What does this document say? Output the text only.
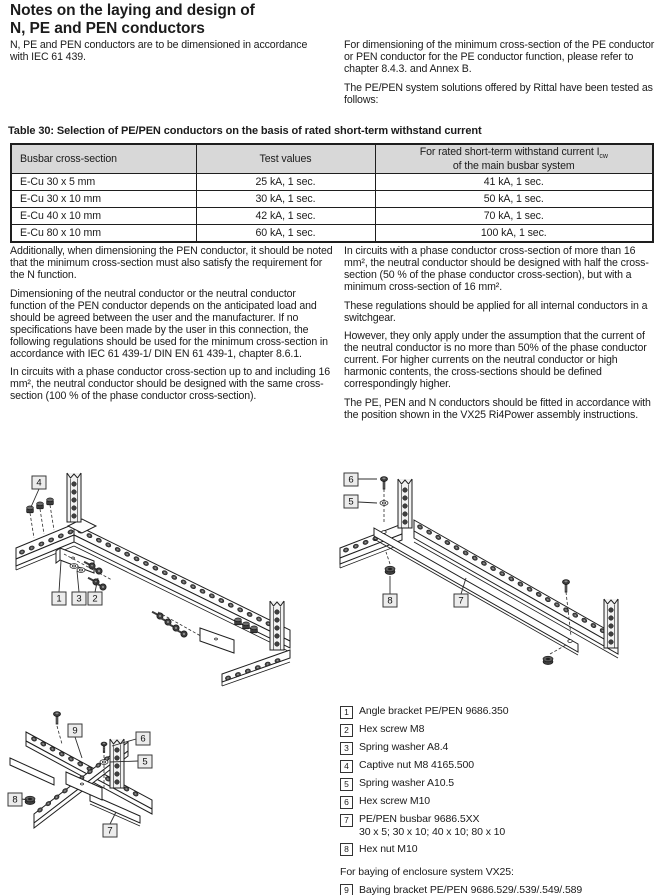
Notes on the laying and design of
N, PE and PEN conductors
N, PE and PEN conductors are to be dimensioned in accordance with IEC 61 439.

For dimensioning of the minimum cross-section of the PE conductor or PEN conductor for the PE conductor function, please refer to chapter 8.4.3. and Annex B.

The PE/PEN system solutions offered by Rittal have been tested as follows:

Table 30: Selection of PE/PEN conductors on the basis of rated short-term withstand current
Busbar cross-section	Test values	For rated short-term withstand current $I_{cw}$
of the main busbar system

E-Cu 30 x 5 mm	25 kA, 1 sec.	41 kA, 1 sec.
E-Cu 30 x 10 mm	30 kA, 1 sec.	50 kA, 1 sec.
E-Cu 40 x 10 mm	42 kA, 1 sec.	70 kA, 1 sec.
E-Cu 80 x 10 mm	60 kA, 1 sec.	100 kA, 1 sec.

Additionally, when dimensioning the PEN conductor, it should be noted that the minimum cross-section must also satisfy the requirement for the N function.

Dimensioning of the neutral conductor or the neutral conductor function of the PEN conductor depends on the anticipated load and should be agreed between the user and the manufacturer. If no specifications have been made by the user in this connection, the following regulations should be used for the minimum cross-section in accordance with IEC 61 439-1/ DIN EN 61 439-1, chapter 8.6.1.

In circuits with a phase conductor cross-section up to and including 16 mm², the neutral conductor should be designed with the same cross-section (100 % of the phase conductor cross-section).

In circuits with a phase conductor cross-section of more than 16 mm², the neutral conductor should be designed with half the cross-section (50 % of the phase conductor cross-section), but with a minimum cross-section of 16 mm².

These regulations should be applied for all internal conductors in a switchgear.

However, they only apply under the assumption that the current of the neutral conductor is no more than 50% of the phase conductor current. For higher currents on the neutral conductor or high harmonic contents, the cross-sections should be defined correspondingly higher.

The PE, PEN and N conductors should be fitted in accordance with the position shown in the VX25 Ri4Power assembly instructions.

4
1 3 2
6
5
8	7
9
6
5
8
7
1 Angle bracket PE/PEN 9686.350
2 Hex screw M8
3 Spring washer A8.4
4 Captive nut M8 4165.500
5 Spring washer A10.5
6 Hex screw M10
7 PE/PEN busbar 9686.5XX
30 x 5; 30 x 10; 40 x 10; 80 x 10
8 Hex nut M10
For baying of enclosure system VX25:
9 Baying bracket PE/PEN 9686.529/.539/.549/.589
